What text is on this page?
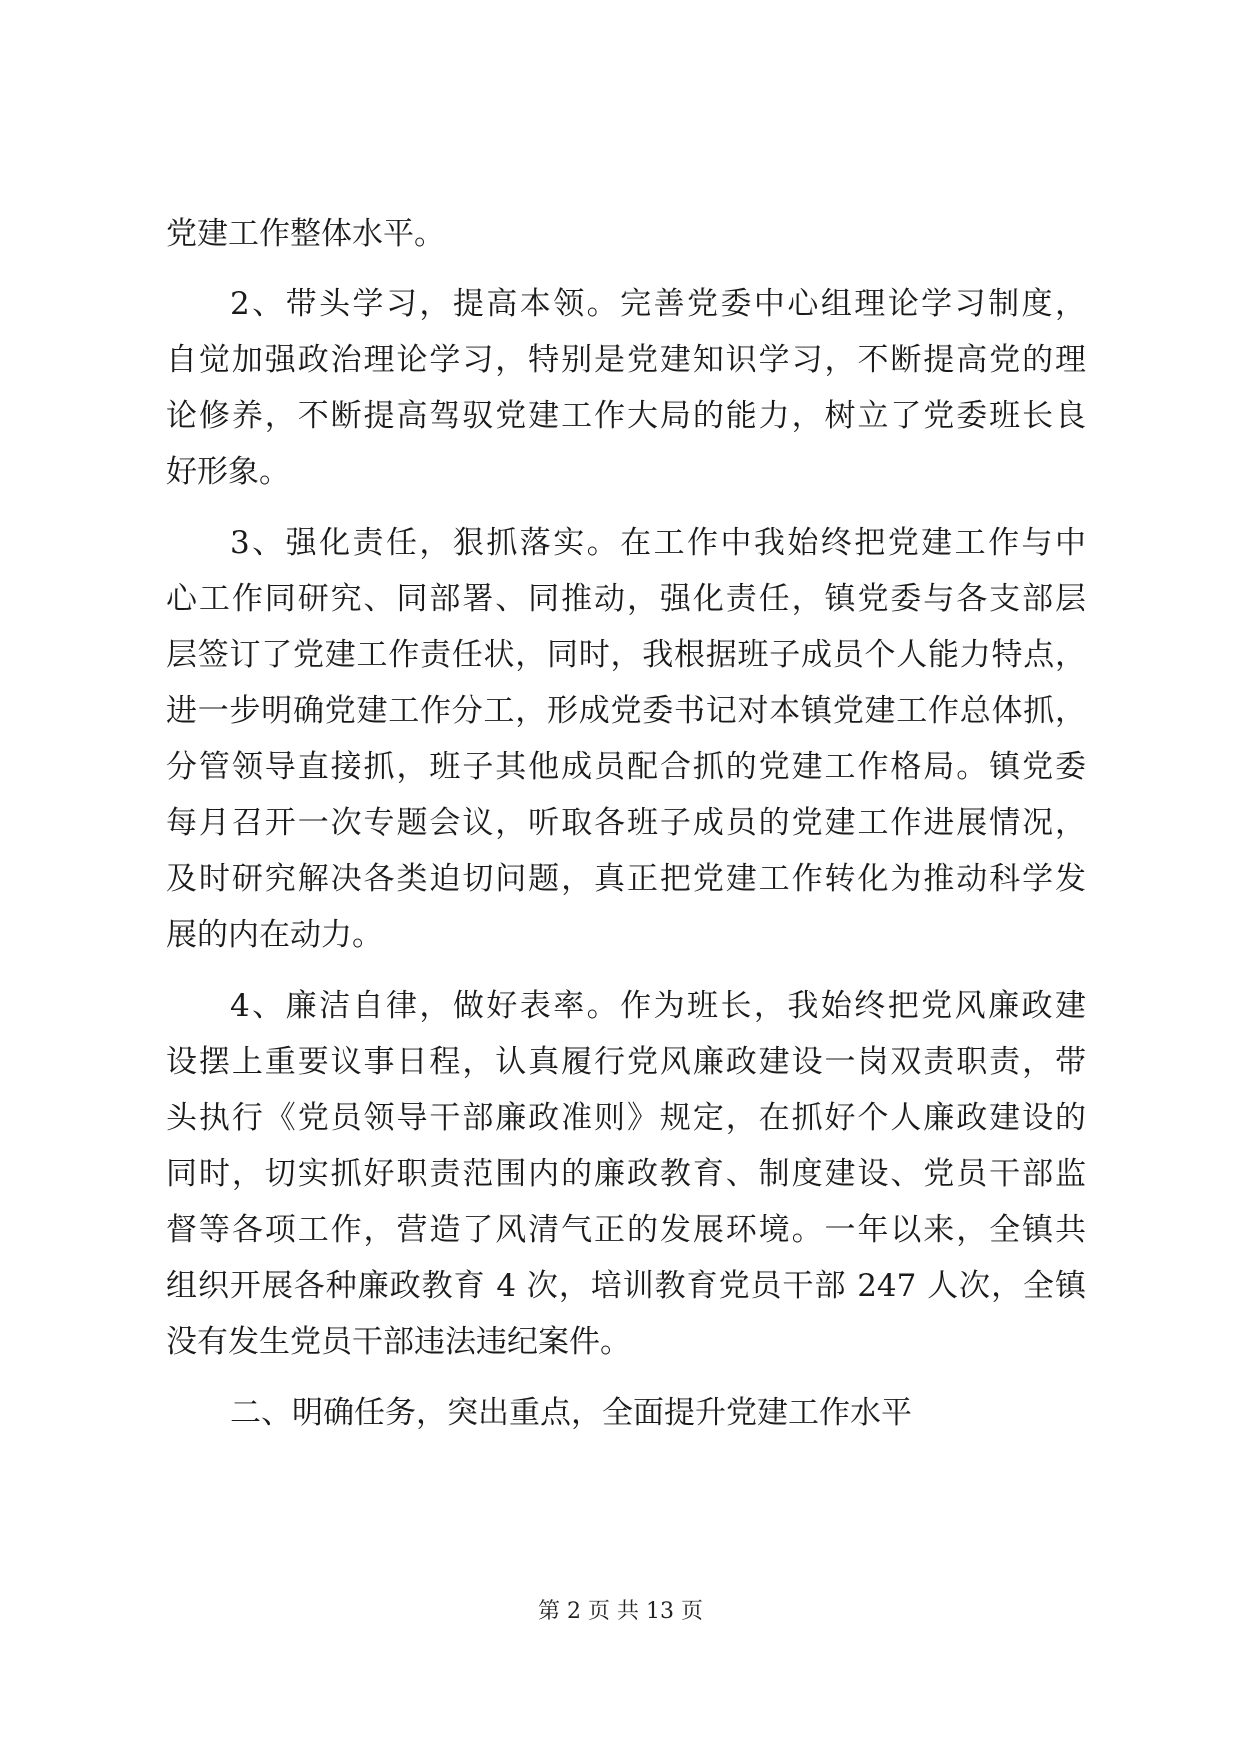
党建工作整体水平。
2、带头学习，提高本领。完善党委中心组理论学习制度，
自觉加强政治理论学习，特别是党建知识学习，不断提高党的理
论修养，不断提高驾驭党建工作大局的能力，树立了党委班长良
好形象。
3、强化责任，狠抓落实。在工作中我始终把党建工作与中
心工作同研究、同部署、同推动，强化责任，镇党委与各支部层
层签订了党建工作责任状，同时，我根据班子成员个人能力特点，
进一步明确党建工作分工，形成党委书记对本镇党建工作总体抓，
分管领导直接抓，班子其他成员配合抓的党建工作格局。镇党委
每月召开一次专题会议，听取各班子成员的党建工作进展情况，
及时研究解决各类迫切问题，真正把党建工作转化为推动科学发
展的内在动力。
4、廉洁自律，做好表率。作为班长，我始终把党风廉政建
设摆上重要议事日程，认真履行党风廉政建设一岗双责职责，带
头执行《党员领导干部廉政准则》规定，在抓好个人廉政建设的
同时，切实抓好职责范围内的廉政教育、制度建设、党员干部监
督等各项工作，营造了风清气正的发展环境。一年以来，全镇共
组织开展各种廉政教育 4 次，培训教育党员干部 247 人次，全镇
没有发生党员干部违法违纪案件。
二、明确任务，突出重点，全面提升党建工作水平
第 2 页 共 13 页
